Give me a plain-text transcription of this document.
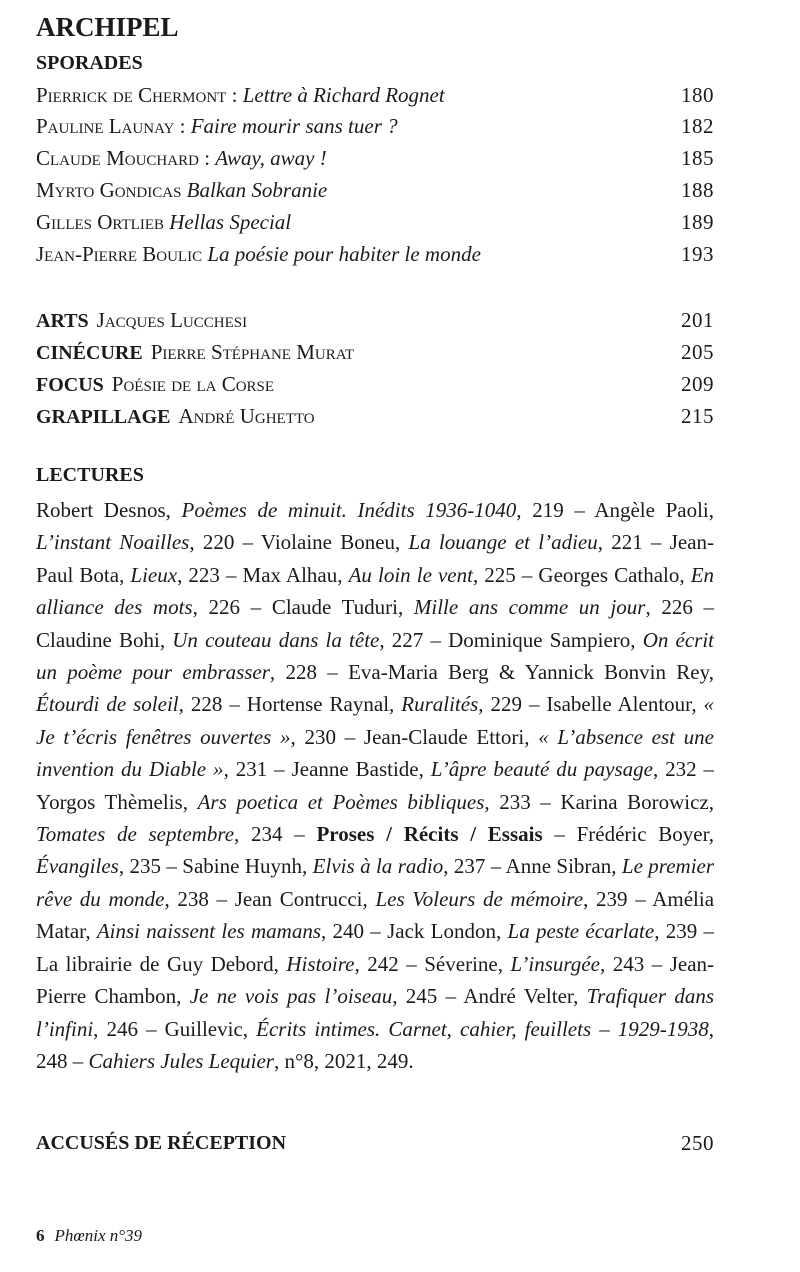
ARCHIPEL
SPORADES
Pierrick de Chermont : Lettre à Richard Rognet	180
Pauline Launay : Faire mourir sans tuer ?	182
Claude Mouchard : Away, away !	185
Myrto Gondicas Balkan Sobranie	188
Gilles Ortlieb Hellas Special	189
Jean-Pierre Boulic La poésie pour habiter le monde	193
ARTS Jacques Lucchesi	201
CINÉCURE Pierre Stéphane Murat	205
FOCUS Poésie de la Corse	209
GRAPILLAGE André Ughetto	215
LECTURES
Robert Desnos, Poèmes de minuit. Inédits 1936-1040, 219 – Angèle Paoli, L’instant Noailles, 220 – Violaine Boneu, La louange et l’adieu, 221 – Jean-Paul Bota, Lieux, 223 – Max Alhau, Au loin le vent, 225 – Georges Cathalo, En alliance des mots, 226 – Claude Tuduri, Mille ans comme un jour, 226 – Claudine Bohi, Un couteau dans la tête, 227 – Dominique Sampiero, On écrit un poème pour embrasser, 228 – Eva-Maria Berg & Yannick Bonvin Rey, Étourdi de soleil, 228 – Hortense Raynal, Ruralités, 229 – Isabelle Alentour, « Je t’écris fenêtres ouvertes », 230 – Jean-Claude Ettori, « L’absence est une invention du Diable », 231 – Jeanne Bastide, L’âpre beauté du paysage, 232 – Yorgos Thèmelis, Ars poetica et Poèmes bibliques, 233 – Karina Borowicz, Tomates de septembre, 234 – Proses / Récits / Essais – Frédéric Boyer, Évangiles, 235 – Sabine Huynh, Elvis à la radio, 237 – Anne Sibran, Le premier rêve du monde, 238 – Jean Contrucci, Les Voleurs de mémoire, 239 – Amélia Matar, Ainsi naissent les mamans, 240 – Jack London, La peste écarlate, 239 – La librairie de Guy Debord, Histoire, 242 – Séverine, L’insurgée, 243 – Jean-Pierre Chambon, Je ne vois pas l’oiseau, 245 – André Velter, Trafiquer dans l’infini, 246 – Guillevic, Écrits intimes. Carnet, cahier, feuillets – 1929-1938, 248 – Cahiers Jules Lequier, n°8, 2021, 249.
ACCUSÉS DE RÉCEPTION	250
6 Phœnix n°39
